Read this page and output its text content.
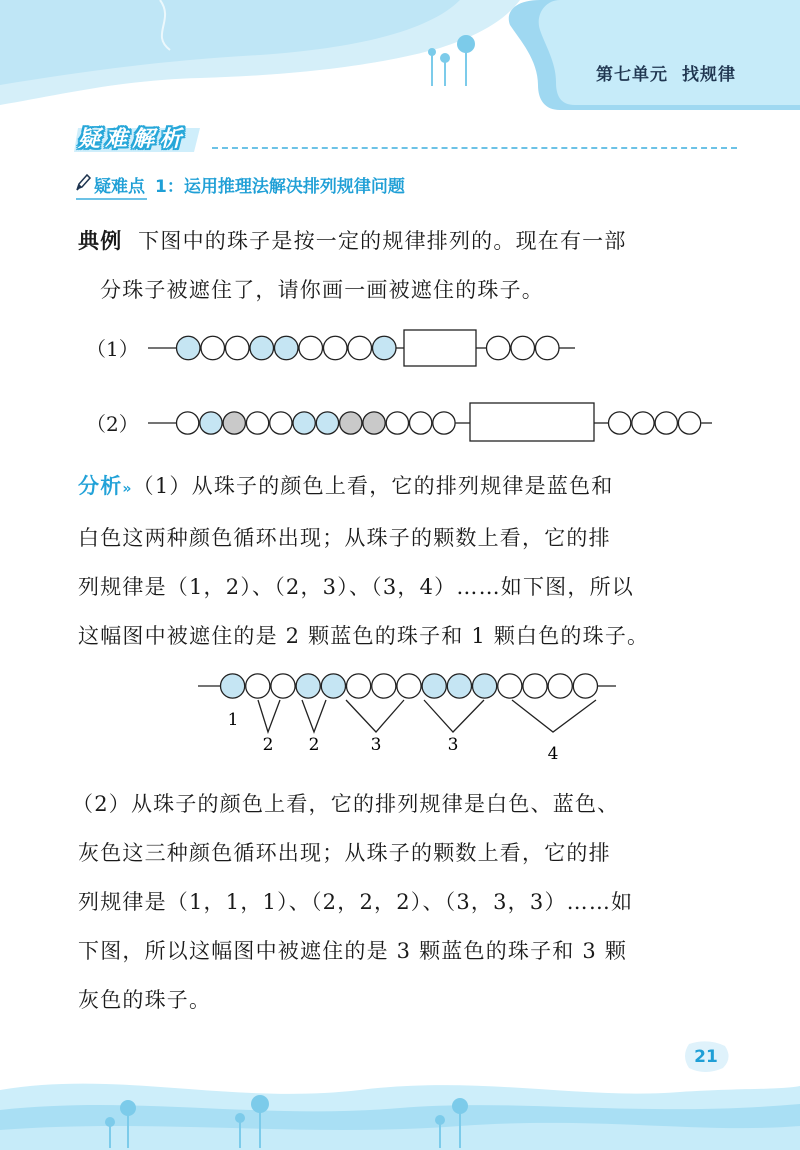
第七单元 找规律
疑 难 解 析
疑难点 1：运用推理法解决排列规律问题
典例 下图中的珠子是按一定的规律排列的。现在有一部
分珠子被遮住了，请你画一画被遮住的珠子。
（1）
（2）
分析»（1）从珠子的颜色上看，它的排列规律是蓝色和
白色这两种颜色循环出现；从珠子的颗数上看，它的排
列规律是（1，2）、（2，3）、（3，4）……如下图，所以
这幅图中被遮住的是 2 颗蓝色的珠子和 1 颗白色的珠子。
1
2 2	3	3	4
（2）从珠子的颜色上看，它的排列规律是白色、蓝色、
灰色这三种颜色循环出现；从珠子的颗数上看，它的排
列规律是（1，1，1）、（2，2，2）、（3，3，3）……如
下图，所以这幅图中被遮住的是 3 颗蓝色的珠子和 3 颗
灰色的珠子。
21
